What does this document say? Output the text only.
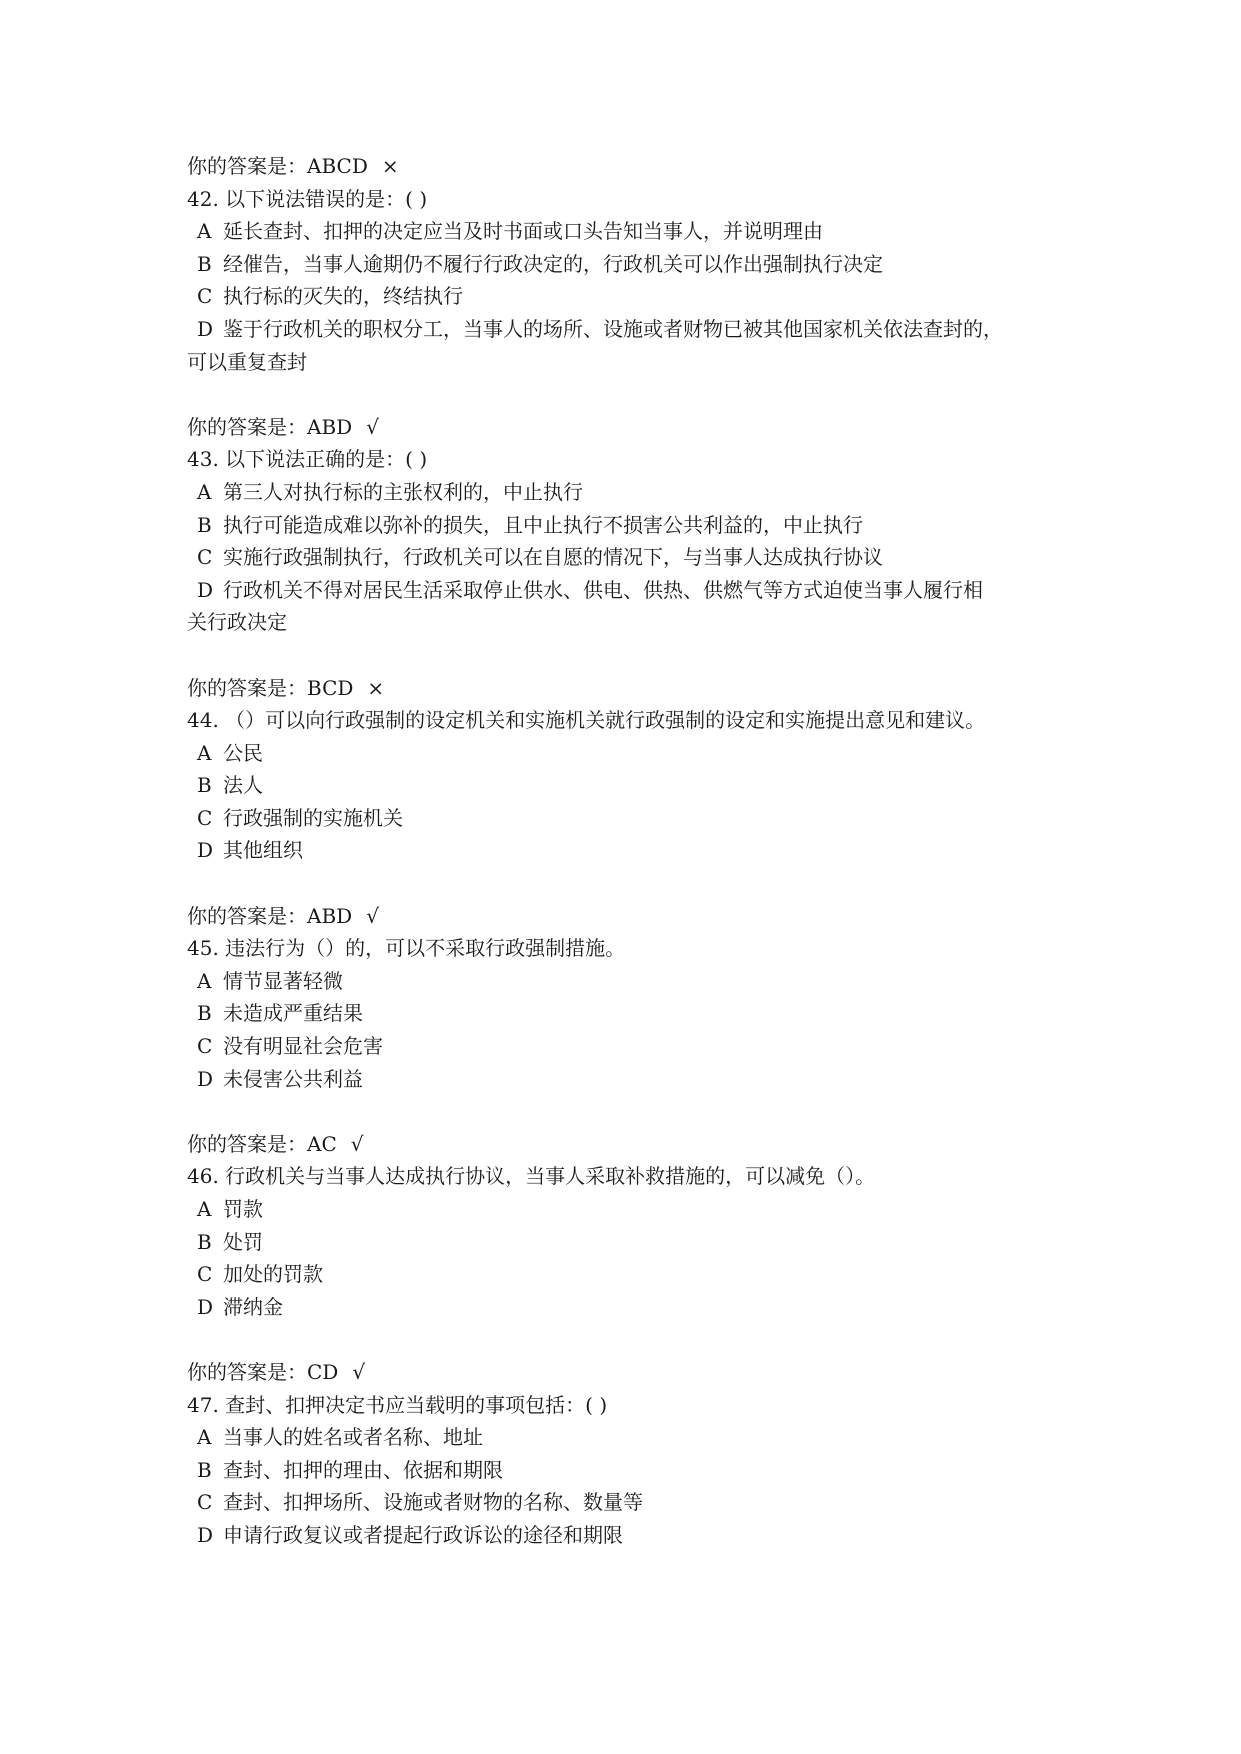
你的答案是：ABCD ×
42. 以下说法错误的是：( )
A 延长查封、扣押的决定应当及时书面或口头告知当事人，并说明理由
B 经催告，当事人逾期仍不履行行政决定的，行政机关可以作出强制执行决定
C 执行标的灭失的，终结执行
D 鉴于行政机关的职权分工，当事人的场所、设施或者财物已被其他国家机关依法查封的，
可以重复查封
你的答案是：ABD √
43. 以下说法正确的是：( )
A 第三人对执行标的主张权利的，中止执行
B 执行可能造成难以弥补的损失，且中止执行不损害公共利益的，中止执行
C 实施行政强制执行，行政机关可以在自愿的情况下，与当事人达成执行协议
D 行政机关不得对居民生活采取停止供水、供电、供热、供燃气等方式迫使当事人履行相
关行政决定
你的答案是：BCD ×
44. （）可以向行政强制的设定机关和实施机关就行政强制的设定和实施提出意见和建议。
A 公民
B 法人
C 行政强制的实施机关
D 其他组织
你的答案是：ABD √
45. 违法行为（）的，可以不采取行政强制措施。
A 情节显著轻微
B 未造成严重结果
C 没有明显社会危害
D 未侵害公共利益
你的答案是：AC √
46. 行政机关与当事人达成执行协议，当事人采取补救措施的，可以减免（）。
A 罚款
B 处罚
C 加处的罚款
D 滞纳金
你的答案是：CD √
47. 查封、扣押决定书应当载明的事项包括：( )
A 当事人的姓名或者名称、地址
B 查封、扣押的理由、依据和期限
C 查封、扣押场所、设施或者财物的名称、数量等
D 申请行政复议或者提起行政诉讼的途径和期限
